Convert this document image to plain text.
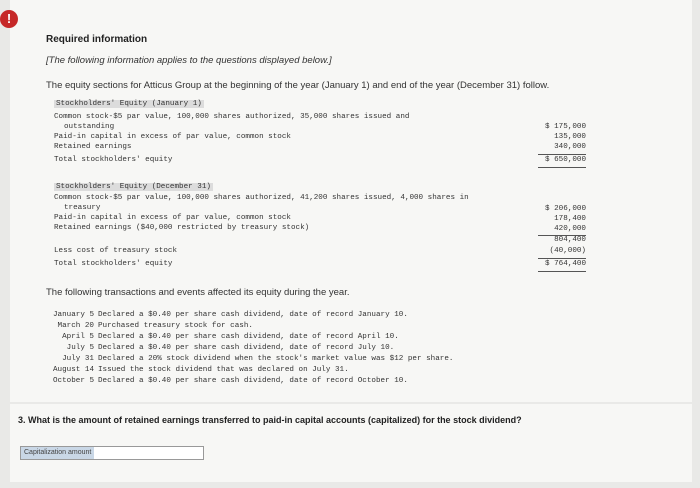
!
Required information
[The following information applies to the questions displayed below.]
The equity sections for Atticus Group at the beginning of the year (January 1) and end of the year (December 31) follow.
Stockholders' Equity (January 1)
Common stock-$5 par value, 100,000 shares authorized, 35,000 shares issued and
outstanding	$ 175,000
Paid-in capital in excess of par value, common stock	135,000
Retained earnings	340,000
Total stockholders' equity	$ 650,000
Stockholders' Equity (December 31)
Common stock-$5 par value, 100,000 shares authorized, 41,200 shares issued, 4,000 shares in
treasury	$ 206,000
Paid-in capital in excess of par value, common stock	178,400
Retained earnings ($40,000 restricted by treasury stock)	420,000
804,400
Less cost of treasury stock	(40,000)
Total stockholders' equity	$ 764,400
The following transactions and events affected its equity during the year.
January 5 Declared a $0.40 per share cash dividend, date of record January 10.
March 20 Purchased treasury stock for cash.
April 5 Declared a $0.40 per share cash dividend, date of record April 10.
July 5 Declared a $0.40 per share cash dividend, date of record July 10.
July 31 Declared a 20% stock dividend when the stock's market value was $12 per share.
August 14 Issued the stock dividend that was declared on July 31.
October 5 Declared a $0.40 per share cash dividend, date of record October 10.
3. What is the amount of retained earnings transferred to paid-in capital accounts (capitalized) for the stock dividend?
Capitalization amount
